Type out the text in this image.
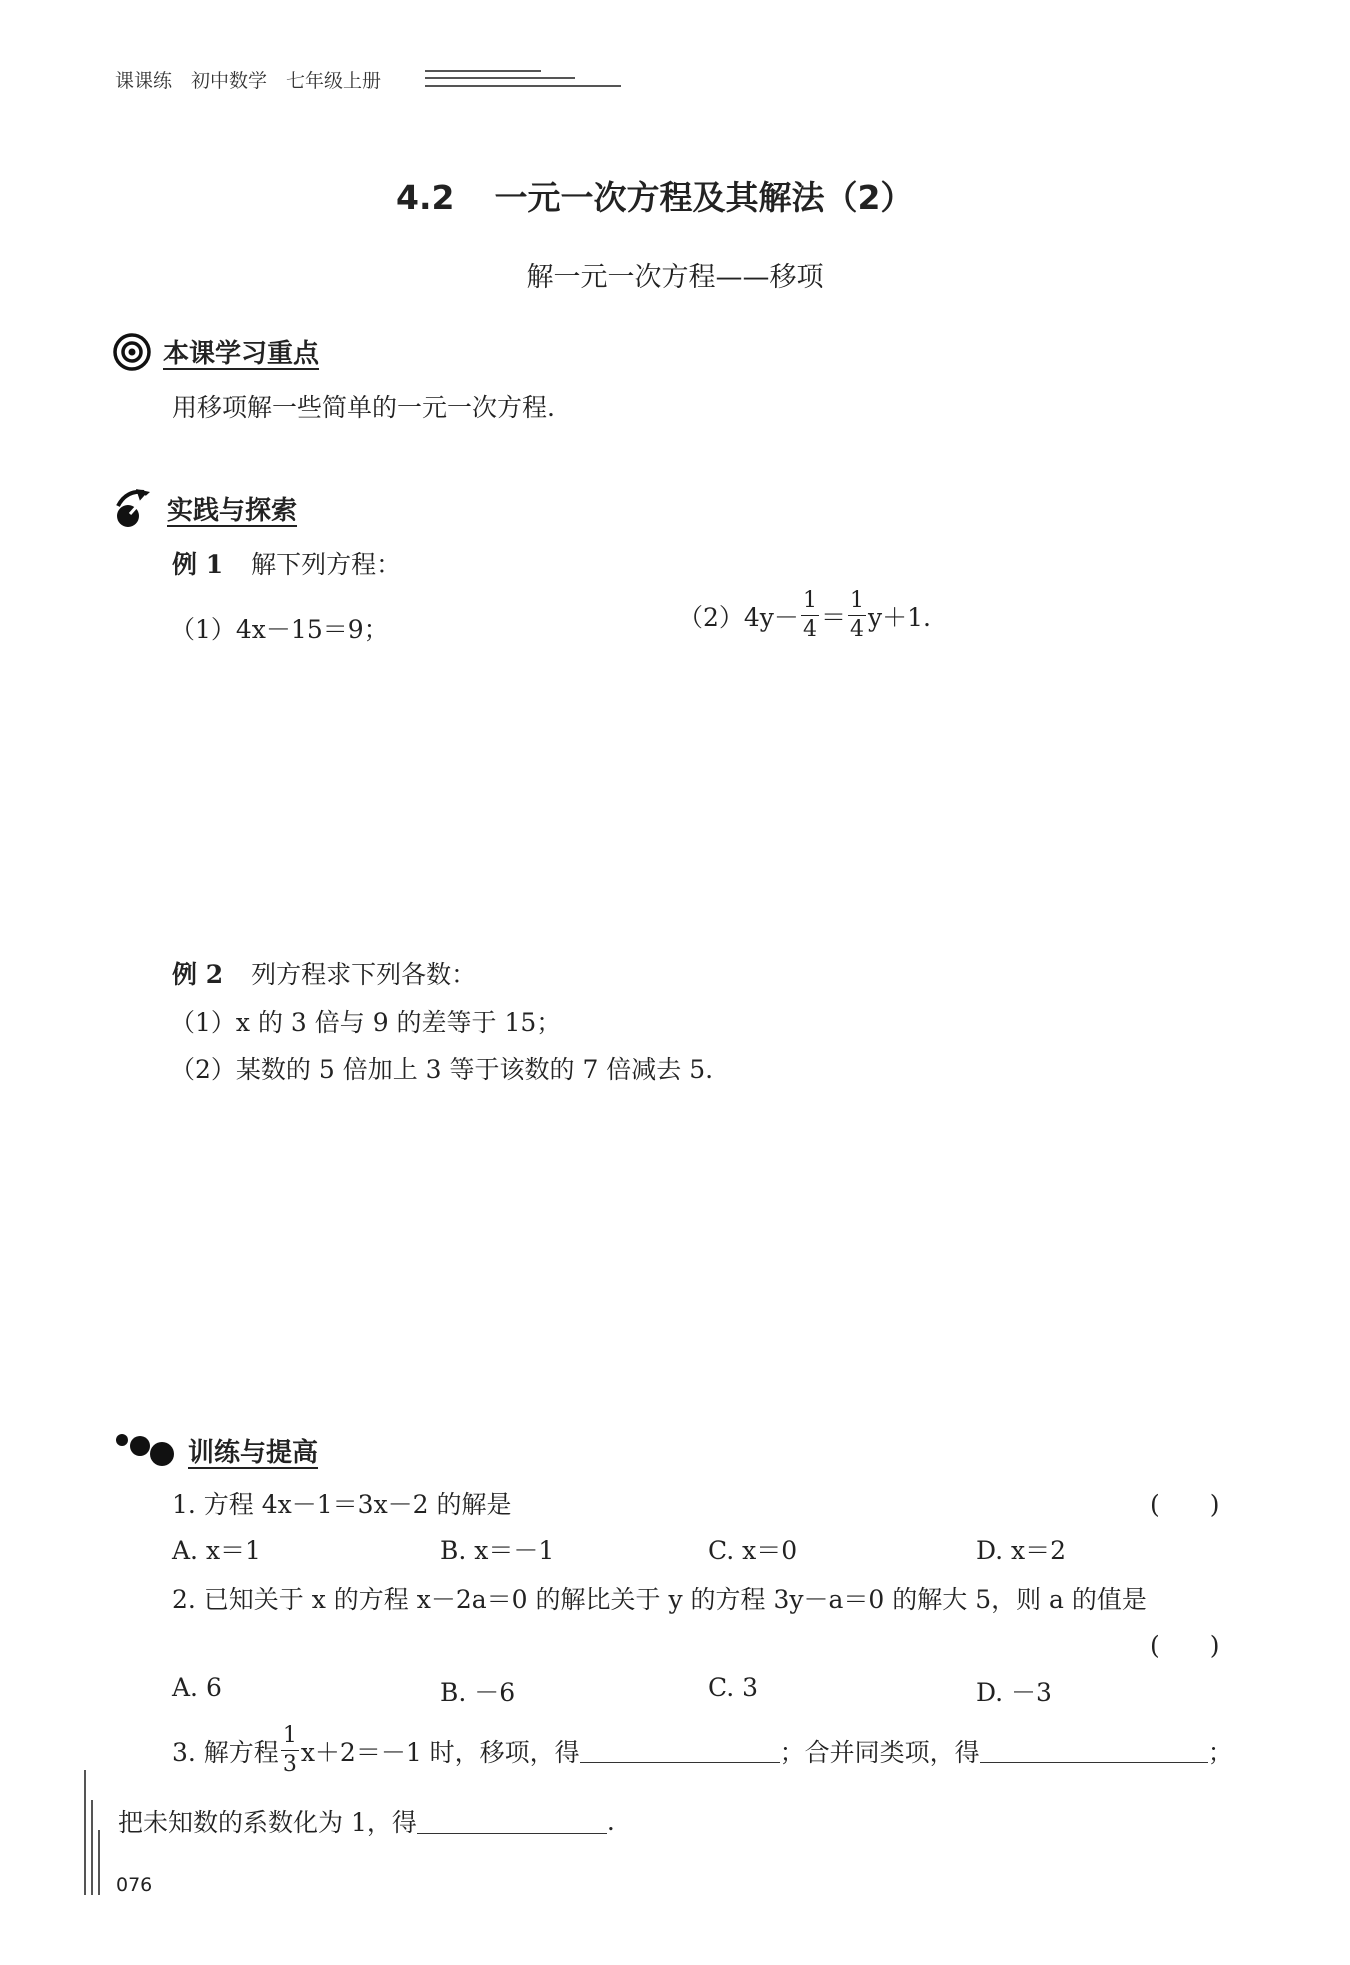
课课练　初中数学　七年级上册
4.2 一元一次方程及其解法（2）
解一元一次方程——移项
本课学习重点
用移项解一些简单的一元一次方程.
实践与探索
例 1 解下列方程：
（1）4x－15＝9；	$(2)4y- \frac{1}{4} = \frac{1}{4} y+1$.
例 2 列方程求下列各数：
（1）x 的 3 倍与 9 的差等于 15；
（2）某数的 5 倍加上 3 等于该数的 7 倍减去 5.
训练与提高
1. 方程 4x－1＝3x－2 的解是	(　　)
A. x＝1	B. x＝－1	C. x＝0	D. x＝2
2. 已知关于 x 的方程 x－2a＝0 的解比关于 y 的方程 3y－a＝0 的解大 5，则 a 的值是
(　　)
A. 6	B. －6	C. 3	D. －3
3. 解方程 $\frac{1}{3} x+2=-1$ 时，移项，得	；合并同类项，得	；
把未知数的系数化为 1，得	.
076
